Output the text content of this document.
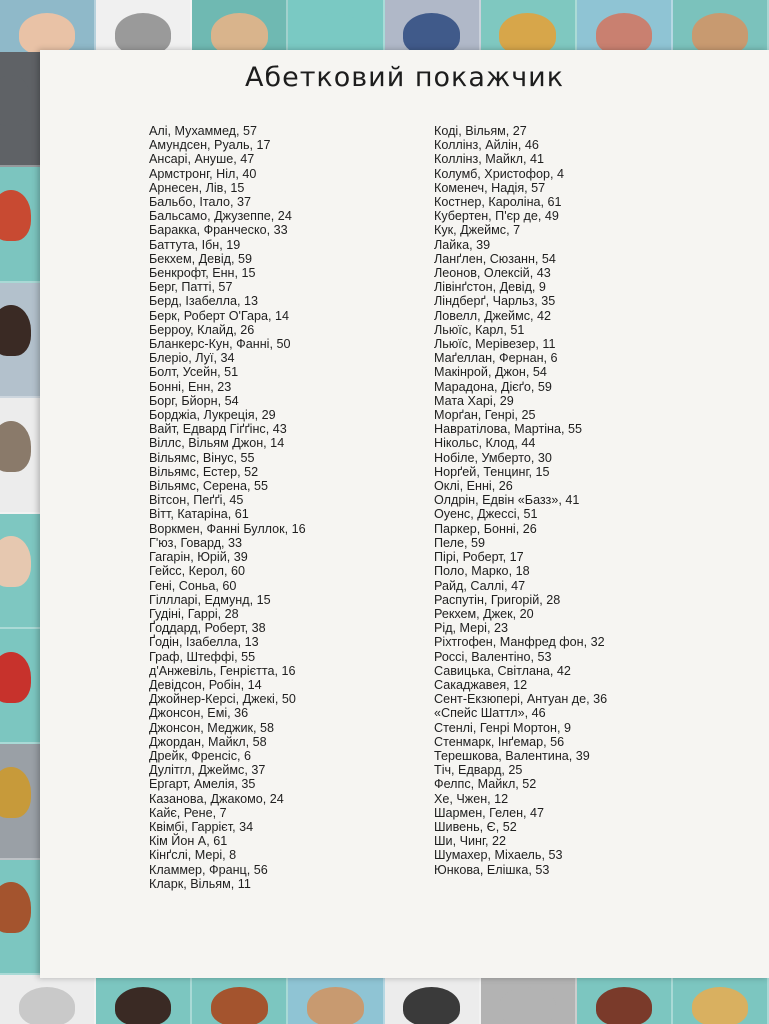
Абетковий покажчик
Алі, Мухаммед, 57
Амундсен, Руаль, 17
Ансарі, Ануше, 47
Армстронг, Ніл, 40
Арнесен, Лів, 15
Бальбо, Італо, 37
Бальсамо, Джузеппе, 24
Баракка, Франческо, 33
Баттута, Ібн, 19
Бекхем, Девід, 59
Бенкрофт, Енн, 15
Берг, Патті, 57
Берд, Ізабелла, 13
Берк, Роберт О'Гара, 14
Берроу, Клайд, 26
Бланкерс-Кун, Фанні, 50
Блеріо, Луї, 34
Болт, Усейн, 51
Бонні, Енн, 23
Борг, Бйорн, 54
Борджіа, Лукреція, 29
Вайт, Едвард Гіґґінс, 43
Віллс, Вільям Джон, 14
Вільямс, Вінус, 55
Вільямс, Естер, 52
Вільямс, Серена, 55
Вітсон, Пеґґі, 45
Вітт, Катаріна, 61
Воркмен, Фанні Буллок, 16
Г'юз, Говард, 33
Гагарін, Юрій, 39
Гейсс, Керол, 60
Гені, Соньа, 60
Гіллларі, Едмунд, 15
Гудіні, Гаррі, 28
Ґоддард, Роберт, 38
Ґодін, Ізабелла, 13
Граф, Штеффі, 55
д'Анжевіль, Генрієтта, 16
Девідсон, Робін, 14
Джойнер-Керсі, Джекі, 50
Джонсон, Емі, 36
Джонсон, Меджик, 58
Джордан, Майкл, 58
Дрейк, Френсіс, 6
Дулітгл, Джеймс, 37
Ергарт, Амелія, 35
Казанова, Джакомо, 24
Кайє, Рене, 7
Квімбі, Гаррієт, 34
Кім Йон А, 61
Кінґслі, Мері, 8
Кламмер, Франц, 56
Кларк, Вільям, 11
Коді, Вільям, 27
Коллінз, Айлін, 46
Коллінз, Майкл, 41
Колумб, Христофор, 4
Коменеч, Надія, 57
Костнер, Кароліна, 61
Кубертен, П'єр де, 49
Кук, Джеймс, 7
Лайка, 39
Ланґлен, Сюзанн, 54
Леонов, Олексій, 43
Лівінґстон, Девід, 9
Ліндберґ, Чарльз, 35
Ловелл, Джеймс, 42
Льюїс, Карл, 51
Льюїс, Мерівезер, 11
Маґеллан, Фернан, 6
Макінрой, Джон, 54
Марадона, Дієґо, 59
Мата Харі, 29
Морґан, Генрі, 25
Навратілова, Мартіна, 55
Нікольс, Клод, 44
Нобіле, Умберто, 30
Норґей, Тенцинг, 15
Оклі, Енні, 26
Олдрін, Едвін «Базз», 41
Оуенс, Джессі, 51
Паркер, Бонні, 26
Пеле, 59
Пірі, Роберт, 17
Поло, Марко, 18
Райд, Саллі, 47
Распутін, Григорій, 28
Рекхем, Джек, 20
Рід, Мері, 23
Ріхтгофен, Манфред фон, 32
Россі, Валентіно, 53
Савицька, Світлана, 42
Сакаджавея, 12
Сент-Екзюпері, Антуан де, 36
«Спейс Шаттл», 46
Стенлі, Генрі Мортон, 9
Стенмарк, Інґемар, 56
Терешкова, Валентина, 39
Тіч, Едвард, 25
Фелпс, Майкл, 52
Хе, Чжен, 12
Шармен, Гелен, 47
Шивень, Є, 52
Ши, Чинг, 22
Шумахер, Міхаель, 53
Юнкова, Елішка, 53
